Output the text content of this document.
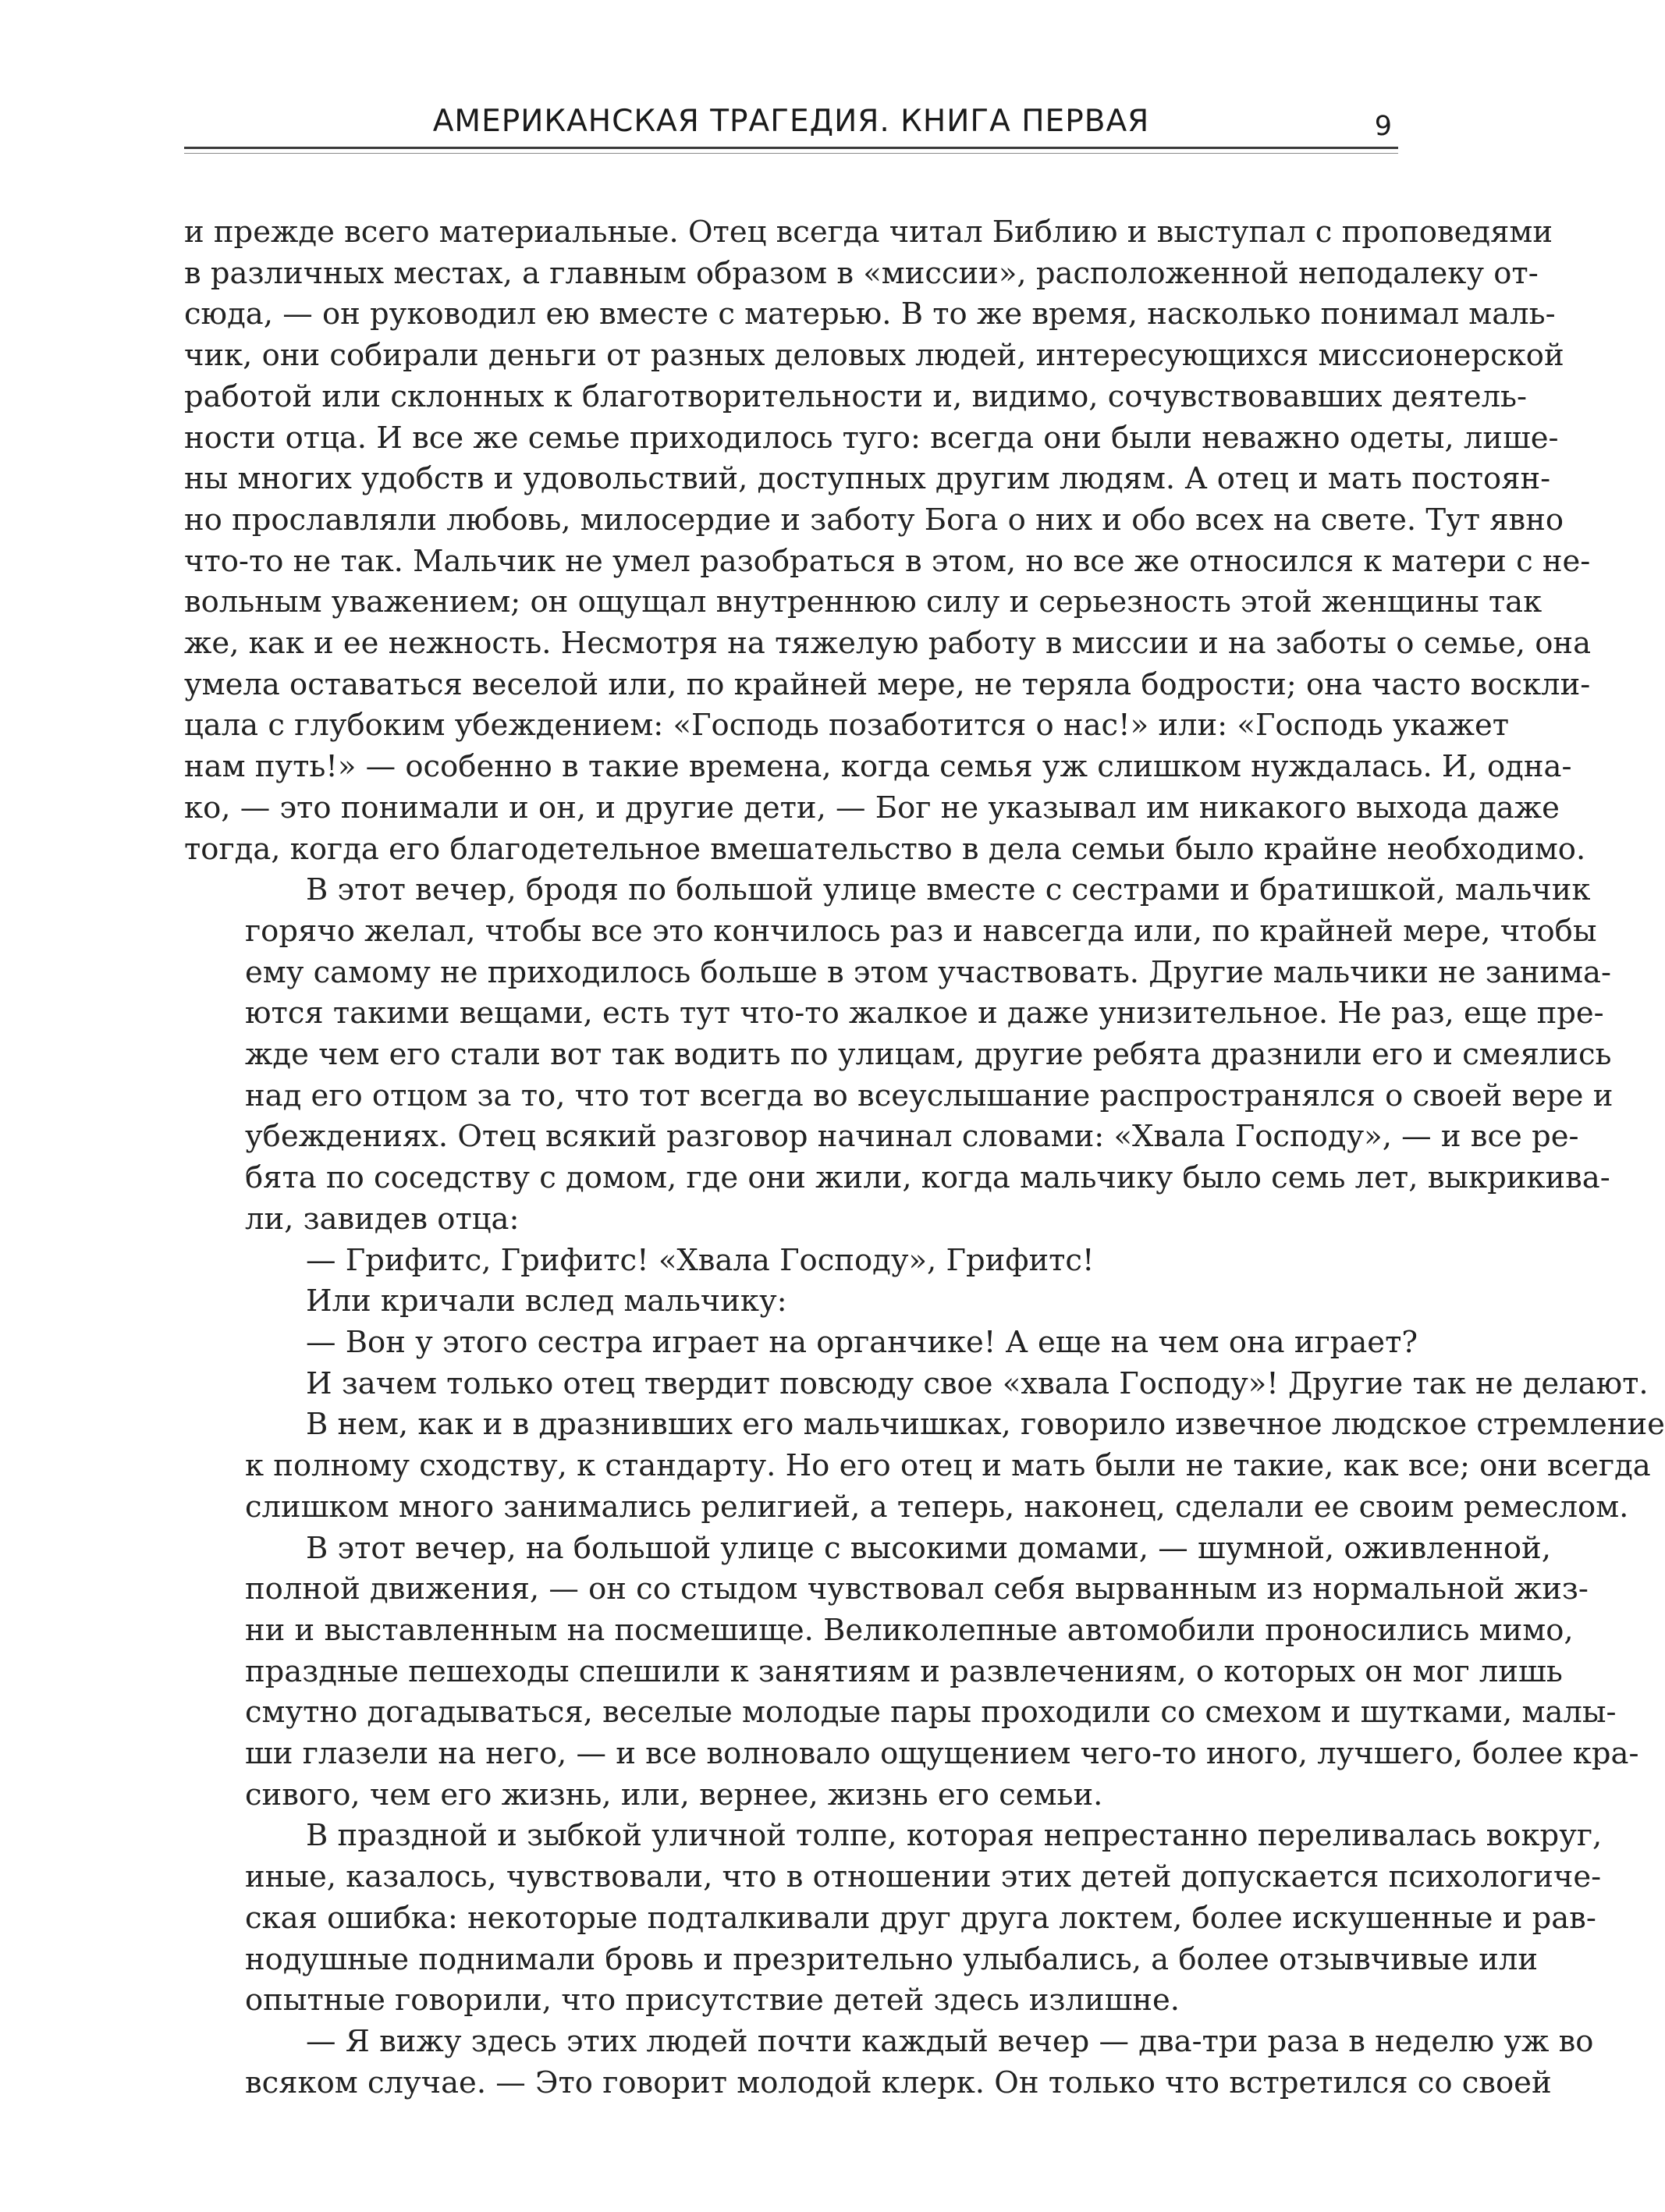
АМЕРИКАНСКАЯ ТРАГЕДИЯ. КНИГА ПЕРВАЯ	9

и прежде всего материальные. Отец всегда читал Библию и выступал с проповедями
в различных местах, а главным образом в «миссии», расположенной неподалеку от-
сюда, — он руководил ею вместе с матерью. В то же время, насколько понимал маль-
чик, они собирали деньги от разных деловых людей, интересующихся миссионерской
работой или склонных к благотворительности и, видимо, сочувствовавших деятель-
ности отца. И все же семье приходилось туго: всегда они были неважно одеты, лише-
ны многих удобств и удовольствий, доступных другим людям. А отец и мать постоян-
но прославляли любовь, милосердие и заботу Бога о них и обо всех на свете. Тут явно
что-то не так. Мальчик не умел разобраться в этом, но все же относился к матери с не-
вольным уважением; он ощущал внутреннюю силу и серьезность этой женщины так
же, как и ее нежность. Несмотря на тяжелую работу в миссии и на заботы о семье, она
умела оставаться веселой или, по крайней мере, не теряла бодрости; она часто воскли-
цала с глубоким убеждением: «Господь позаботится о нас!» или: «Господь укажет
нам путь!» — особенно в такие времена, когда семья уж слишком нуждалась. И, одна-
ко, — это понимали и он, и другие дети, — Бог не указывал им никакого выхода даже
тогда, когда его благодетельное вмешательство в дела семьи было крайне необходимо.

В этот вечер, бродя по большой улице вместе с сестрами и братишкой, мальчик
горячо желал, чтобы все это кончилось раз и навсегда или, по крайней мере, чтобы
ему самому не приходилось больше в этом участвовать. Другие мальчики не занима-
ются такими вещами, есть тут что-то жалкое и даже унизительное. Не раз, еще пре-
жде чем его стали вот так водить по улицам, другие ребята дразнили его и смеялись
над его отцом за то, что тот всегда во всеуслышание распространялся о своей вере и
убеждениях. Отец всякий разговор начинал словами: «Хвала Господу», — и все ре-
бята по соседству с домом, где они жили, когда мальчику было семь лет, выкрикива-
ли, завидев отца:

— Грифитс, Грифитс! «Хвала Господу», Грифитс!

Или кричали вслед мальчику:

— Вон у этого сестра играет на органчике! А еще на чем она играет?

И зачем только отец твердит повсюду свое «хвала Господу»! Другие так не делают.

В нем, как и в дразнивших его мальчишках, говорило извечное людское стремление
к полному сходству, к стандарту. Но его отец и мать были не такие, как все; они всегда
слишком много занимались религией, а теперь, наконец, сделали ее своим ремеслом.

В этот вечер, на большой улице с высокими домами, — шумной, оживленной,
полной движения, — он со стыдом чувствовал себя вырванным из нормальной жиз-
ни и выставленным на посмешище. Великолепные автомобили проносились мимо,
праздные пешеходы спешили к занятиям и развлечениям, о которых он мог лишь
смутно догадываться, веселые молодые пары проходили со смехом и шутками, малы-
ши глазели на него, — и все волновало ощущением чего-то иного, лучшего, более кра-
сивого, чем его жизнь, или, вернее, жизнь его семьи.

В праздной и зыбкой уличной толпе, которая непрестанно переливалась вокруг,
иные, казалось, чувствовали, что в отношении этих детей допускается психологиче-
ская ошибка: некоторые подталкивали друг друга локтем, более искушенные и рав-
нодушные поднимали бровь и презрительно улыбались, а более отзывчивые или
опытные говорили, что присутствие детей здесь излишне.

— Я вижу здесь этих людей почти каждый вечер — два-три раза в неделю уж во
всяком случае. — Это говорит молодой клерк. Он только что встретился со своей
